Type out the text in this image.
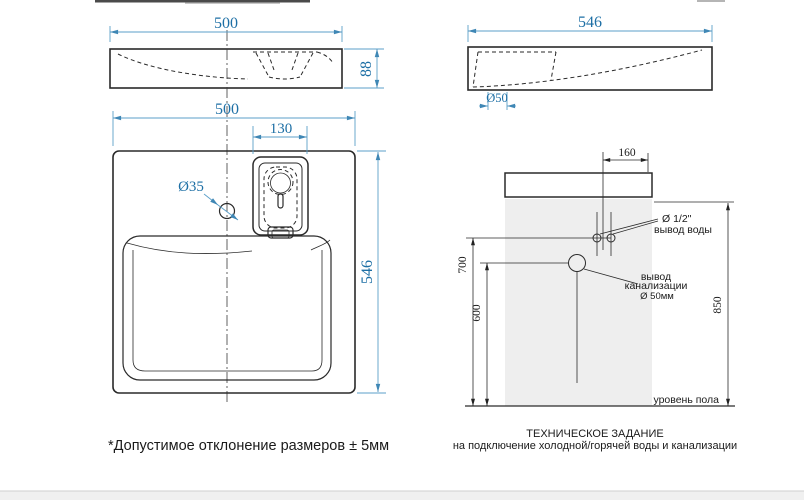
500
88
546
Ø50
500
130
546
Ø35
160
Ø 1/2"
вывод воды
вывод
канализации
Ø 50мм
700
600	850
уровень пола
*Допустимое отклонение размеров ± 5мм
ТЕХНИЧЕСКОЕ ЗАДАНИЕ
на подключение холодной/горячей воды и канализации
